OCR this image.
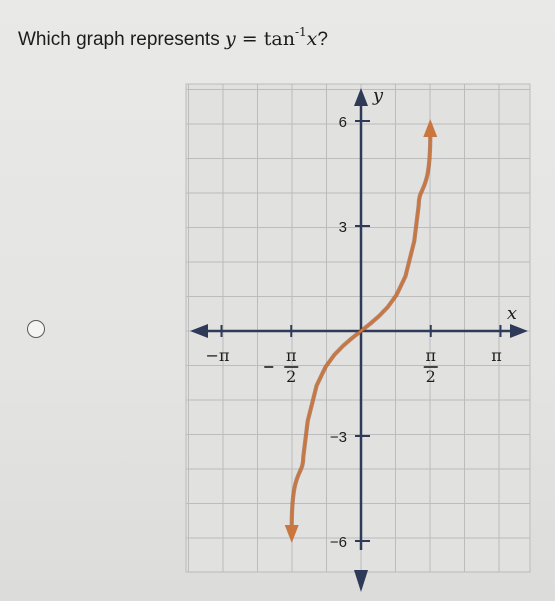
Which graph represents $y = \tan^{-1}x$?
x
y
−π	π
2
π
2
π
6
3
−3
−6
